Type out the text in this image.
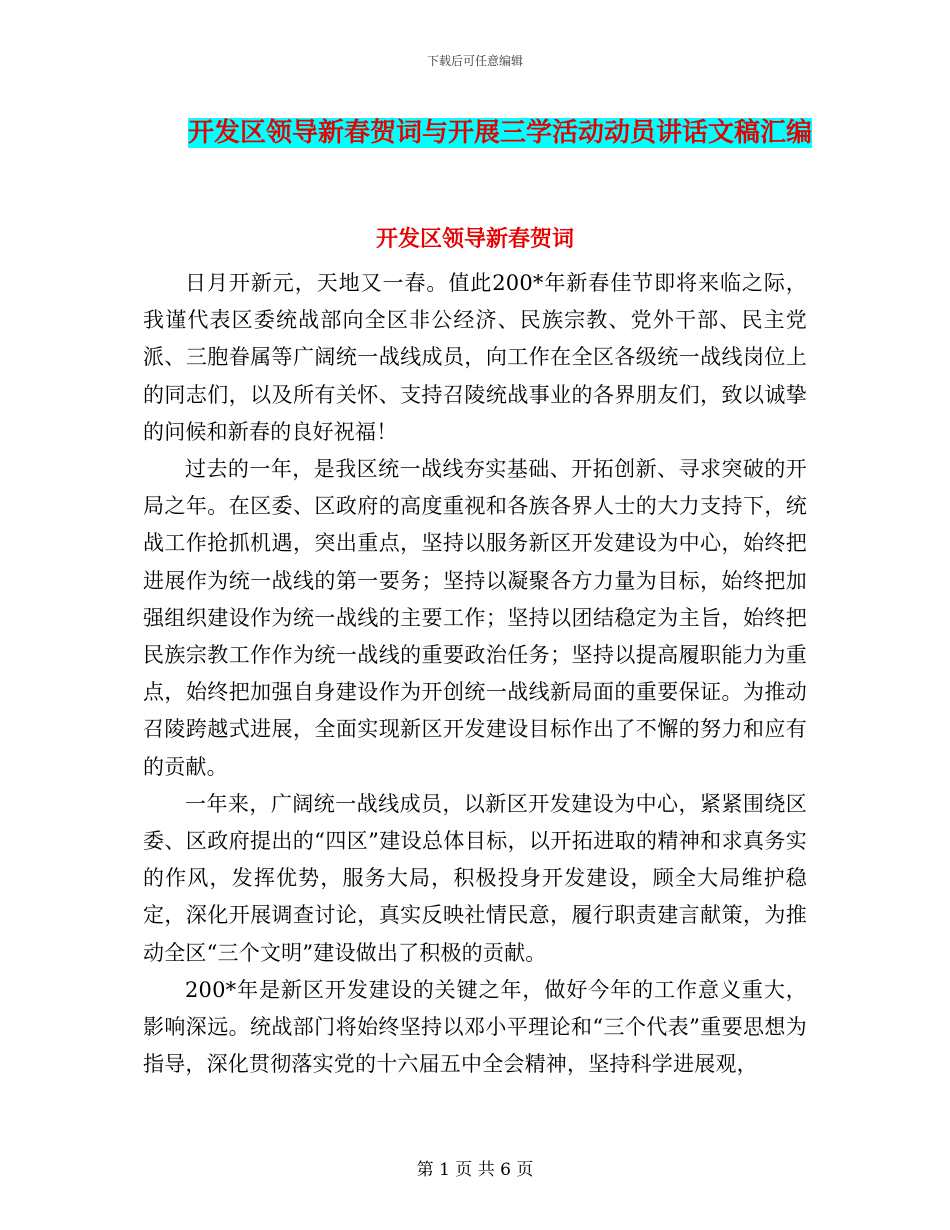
下载后可任意编辑
开发区领导新春贺词与开展三学活动动员讲话文稿汇编
开发区领导新春贺词

日月开新元，天地又一春。值此200*年新春佳节即将来临之际，我谨代表区委统战部向全区非公经济、民族宗教、党外干部、民主党派、三胞眷属等广阔统一战线成员，向工作在全区各级统一战线岗位上的同志们，以及所有关怀、支持召陵统战事业的各界朋友们，致以诚挚的问候和新春的良好祝福！

过去的一年，是我区统一战线夯实基础、开拓创新、寻求突破的开局之年。在区委、区政府的高度重视和各族各界人士的大力支持下，统战工作抢抓机遇，突出重点，坚持以服务新区开发建设为中心，始终把进展作为统一战线的第一要务；坚持以凝聚各方力量为目标，始终把加强组织建设作为统一战线的主要工作；坚持以团结稳定为主旨，始终把民族宗教工作作为统一战线的重要政治任务；坚持以提高履职能力为重点，始终把加强自身建设作为开创统一战线新局面的重要保证。为推动召陵跨越式进展，全面实现新区开发建设目标作出了不懈的努力和应有的贡献。

一年来，广阔统一战线成员，以新区开发建设为中心，紧紧围绕区委、区政府提出的“四区”建设总体目标，以开拓进取的精神和求真务实的作风，发挥优势，服务大局，积极投身开发建设，顾全大局维护稳定，深化开展调查讨论，真实反映社情民意，履行职责建言献策，为推动全区“三个文明”建设做出了积极的贡献。

200*年是新区开发建设的关键之年，做好今年的工作意义重大，影响深远。统战部门将始终坚持以邓小平理论和“三个代表”重要思想为指导，深化贯彻落实党的十六届五中全会精神，坚持科学进展观，

第 1 页 共 6 页
